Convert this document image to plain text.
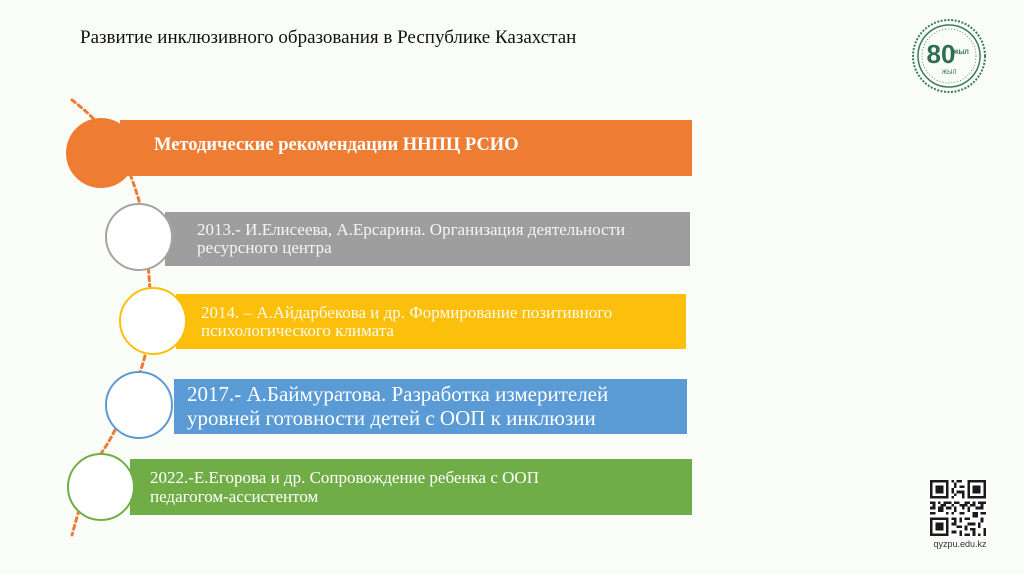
Развитие инклюзивного образования в Республике Казахстан
80
ЖЫЛ
ЖЫЛ
Методические рекомендации ННПЦ РСИО
2013.- И.Елисеева, А.Ерсарина. Организация деятельности
ресурсного центра
2014. – А.Айдарбекова и др. Формирование позитивного
психологического климата
2017.- А.Баймуратова. Разработка измерителей
уровней готовности детей с ООП к инклюзии
2022.-Е.Егорова и др. Сопровождение ребенка с ООП
педагогом-ассистентом
qyzpu.edu.kz
